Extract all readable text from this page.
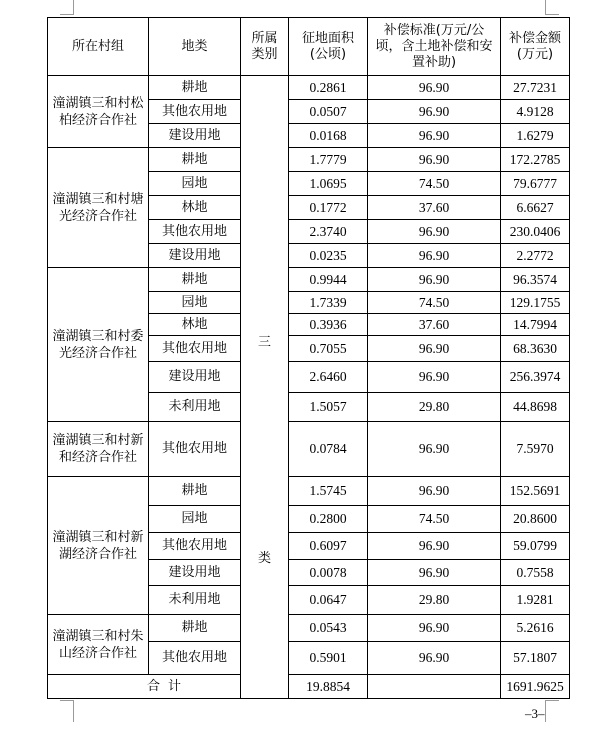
所在村组	地类	所属类别	征地面积(公顷)	补偿标准(万元/公顷，含土地补偿和安置补助)	补偿金额(万元)
潼湖镇三和村松柏经济合作社	耕地	三类	0.2861	96.90	27.7231
	其他农用地		0.0507	96.90	4.9128
	建设用地		0.0168	96.90	1.6279
潼湖镇三和村塘光经济合作社	耕地		1.7779	96.90	172.2785
	园地		1.0695	74.50	79.6777
	林地		0.1772	37.60	6.6627
	其他农用地		2.3740	96.90	230.0406
	建设用地		0.0235	96.90	2.2772
潼湖镇三和村委光经济合作社	耕地		0.9944	96.90	96.3574
	园地		1.7339	74.50	129.1755
	林地		0.3936	37.60	14.7994
	其他农用地		0.7055	96.90	68.3630
	建设用地		2.6460	96.90	256.3974
	未利用地		1.5057	29.80	44.8698
潼湖镇三和村新和经济合作社	其他农用地		0.0784	96.90	7.5970
潼湖镇三和村新湖经济合作社	耕地		1.5745	96.90	152.5691
	园地		0.2800	74.50	20.8600
	其他农用地		0.6097	96.90	59.0799
	建设用地		0.0078	96.90	0.7558
	未利用地		0.0647	29.80	1.9281
潼湖镇三和村朱山经济合作社	耕地		0.0543	96.90	5.2616
	其他农用地		0.5901	96.90	57.1807
合计			19.8854		1691.9625
–3–
